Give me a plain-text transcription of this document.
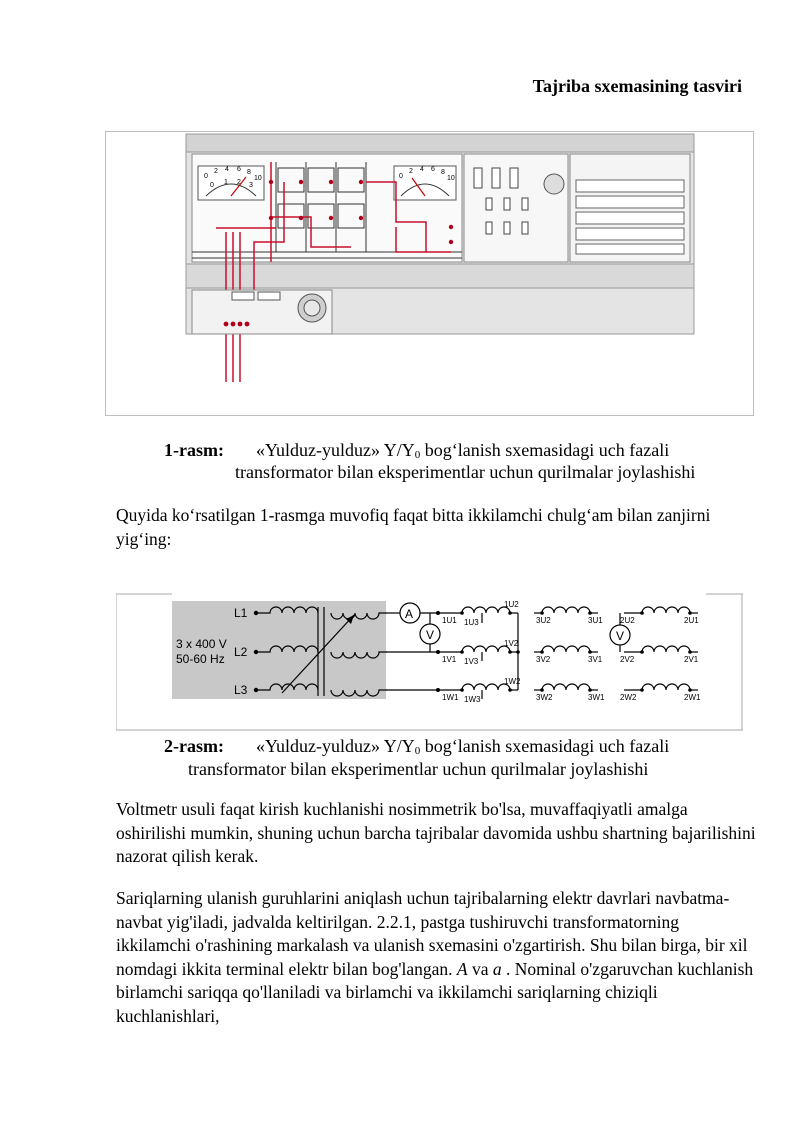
Tajriba sxemasining tasviri
0
2 4 6 8
10
0 1 2 3
0
2 4 6 8
10
1-rasm: «Yulduz-yulduz» $Y/Y_0$ bog‘lanish sxemasidagi uch fazali
transformator bilan eksperimentlar uchun qurilmalar joylashishi

Quyida ko‘rsatilgan 1-rasmga muvofiq faqat bitta ikkilamchi chulg‘am bilan zanjirni yig‘ing:

3 x 400 V
50-60 Hz
L1
L2
L3
A
V
1U1
1U2
1U3
1V1
1V2
1V3
1W1
1W2
1W3
3U2	3U1
3V2	3V1
3W2	3W1
V
2U2	2U1
2V2	2V1
2W2	2W1
2-rasm: «Yulduz-yulduz» $Y/Y_0$ bog‘lanish sxemasidagi uch fazali
transformator bilan eksperimentlar uchun qurilmalar joylashishi

Voltmetr usuli faqat kirish kuchlanishi nosimmetrik bo'lsa, muvaffaqiyatli amalga oshirilishi mumkin, shuning uchun barcha tajribalar davomida ushbu shartning bajarilishini nazorat qilish kerak.

Sariqlarning ulanish guruhlarini aniqlash uchun tajribalarning elektr davrlari navbatma-navbat yig'iladi, jadvalda keltirilgan. 2.2.1, pastga tushiruvchi transformatorning ikkilamchi o'rashining markalash va ulanish sxemasini o'zgartirish. Shu bilan birga, bir xil nomdagi ikkita terminal elektr bilan bog'langan. A va a . Nominal o'zgaruvchan kuchlanish birlamchi sariqqa qo'llaniladi va birlamchi va ikkilamchi sariqlarning chiziqli kuchlanishlari,
